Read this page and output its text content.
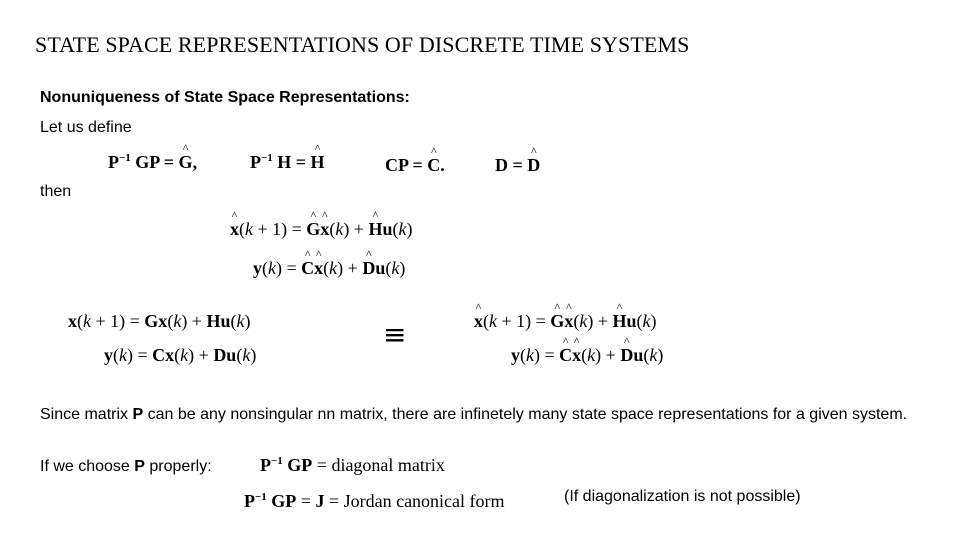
STATE SPACE REPRESENTATIONS OF DISCRETE TIME SYSTEMS
Nonuniqueness of State Space Representations:
Let us define
$P^{-1}$ GP = ^ G,	$P^{-1}$ H = ^ H	CP = ^ C.	D = ^ D
then
^ x(k + 1) = ^ G^ x(k) + ^ Hu(k)
y(k) = ^ C^ x(k) + ^ Du(k)
x(k + 1) = Gx(k) + Hu(k)
y(k) = Cx(k) + Du(k)
≡
^	x(k + 1) = ^ G^ x(k) + ^ Hu(k)
y(k) = ^ C^ x(k) + ^ Du(k)
Since matrix P can be any nonsingular nn matrix, there are infinetely many state space representations for a given system.
If we choose P properly:	$P^{-1}$ GP = diagonal matrix
$P^{-1}$ GP = J = Jordan canonical form	(If diagonalization is not possible)
